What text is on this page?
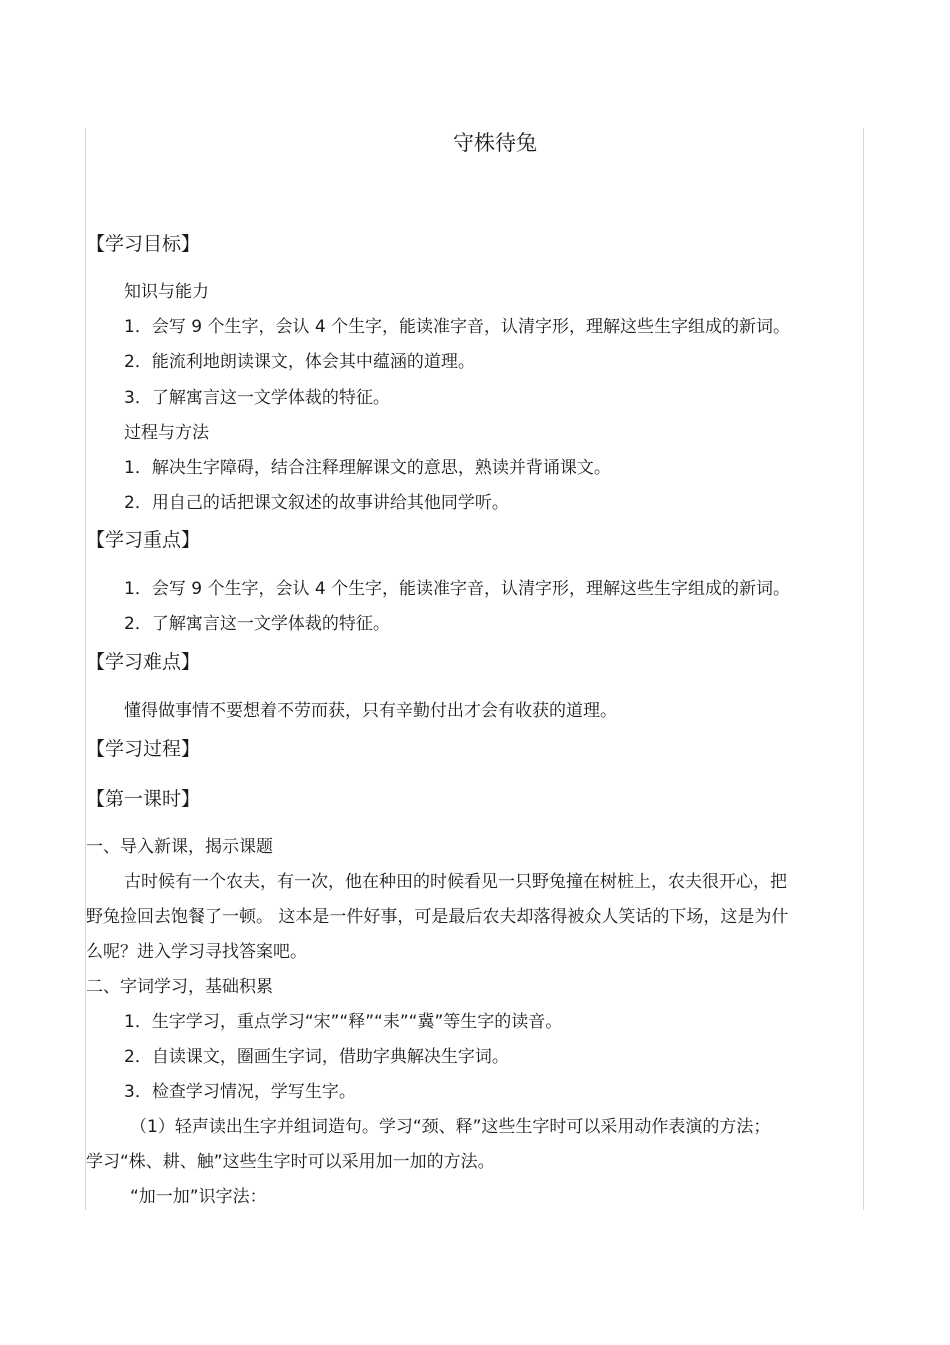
守株待兔
【学习目标】
知识与能力
1．会写 9 个生字，会认 4 个生字，能读准字音，认清字形，理解这些生字组成的新词。
2．能流利地朗读课文，体会其中蕴涵的道理。
3．了解寓言这一文学体裁的特征。
过程与方法
1．解决生字障碍，结合注释理解课文的意思，熟读并背诵课文。
2．用自己的话把课文叙述的故事讲给其他同学听。
【学习重点】
1．会写 9 个生字，会认 4 个生字，能读准字音，认清字形，理解这些生字组成的新词。
2．了解寓言这一文学体裁的特征。
【学习难点】
懂得做事情不要想着不劳而获，只有辛勤付出才会有收获的道理。
【学习过程】
【第一课时】
一、导入新课，揭示课题
古时候有一个农夫，有一次，他在种田的时候看见一只野兔撞在树桩上，农夫很开心，把
野兔捡回去饱餐了一顿。 这本是一件好事，可是最后农夫却落得被众人笑话的下场，这是为什
么呢？进入学习寻找答案吧。
二、字词学习，基础积累
1．生字学习，重点学习“宋”“释”“耒”“冀”等生字的读音。
2．自读课文，圈画生字词，借助字典解决生字词。
3．检查学习情况，学写生字。
（1）轻声读出生字并组词造句。学习“颈、释”这些生字时可以采用动作表演的方法；
学习“株、耕、触”这些生字时可以采用加一加的方法。
“加一加”识字法：
